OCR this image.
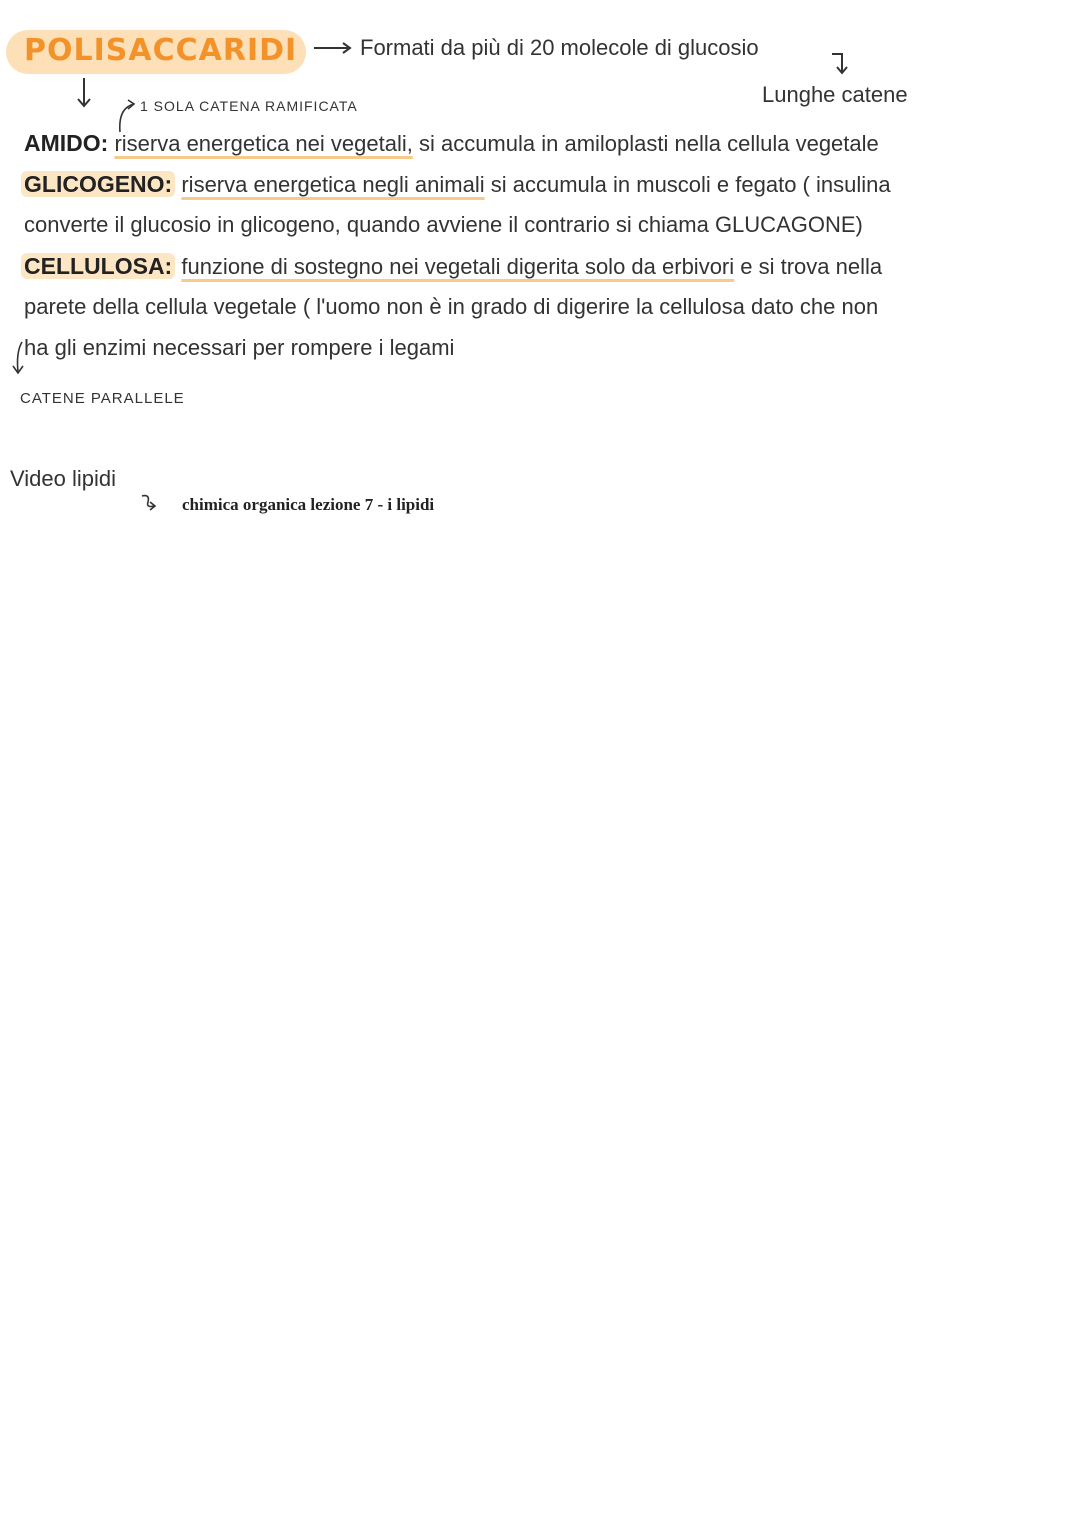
POLISACCARIDI	Formati da più di 20 molecole di glucosio
Lunghe catene
1 SOLA CATENA RAMIFICATA
AMIDO: riserva energetica nei vegetali, si accumula in amiloplasti nella cellula vegetale
GLICOGENO: riserva energetica negli animali si accumula in muscoli e fegato ( insulina
converte il glucosio in glicogeno, quando avviene il contrario si chiama GLUCAGONE)
CELLULOSA: funzione di sostegno nei vegetali digerita solo da erbivori e si trova nella
parete della cellula vegetale ( l'uomo non è in grado di digerire la cellulosa dato che non
ha gli enzimi necessari per rompere i legami
CATENE PARALLELE
Video lipidi
chimica organica lezione 7 - i lipidi
